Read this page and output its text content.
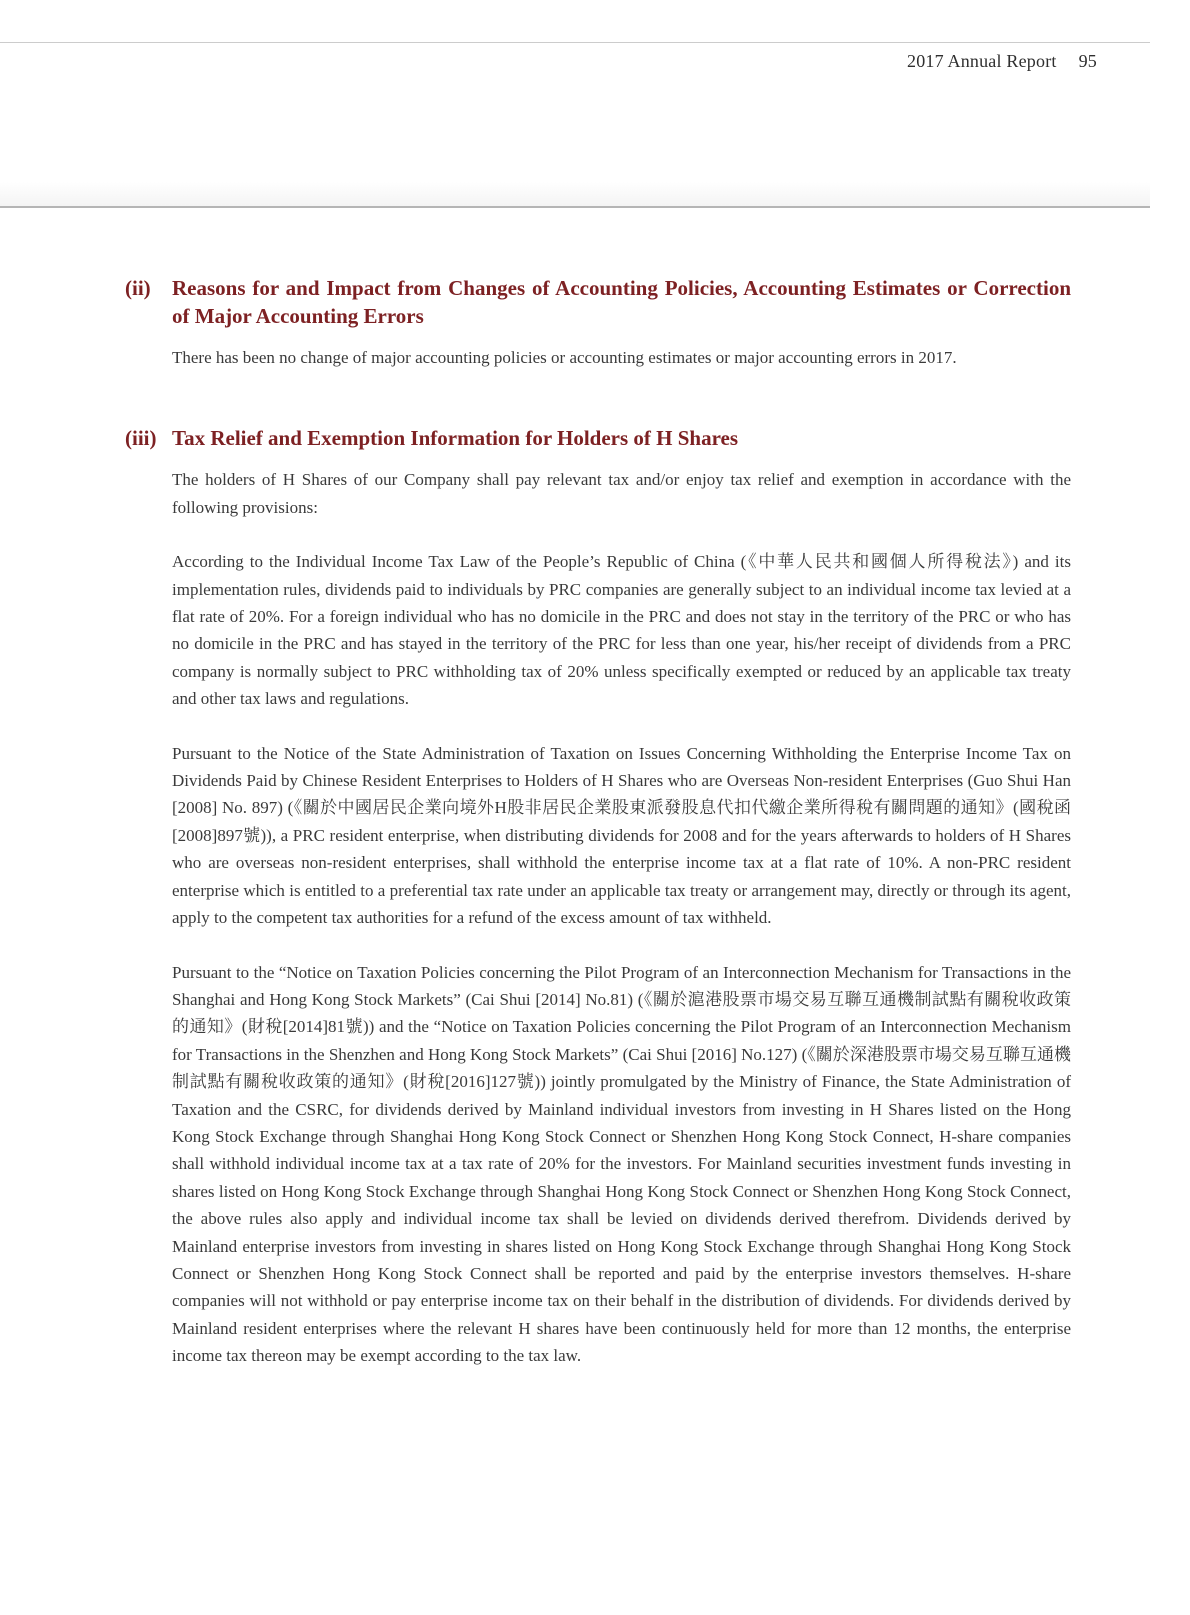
2017 Annual Report 95
(ii)	Reasons for and Impact from Changes of Accounting Policies, Accounting Estimates or Correction of Major Accounting Errors

There has been no change of major accounting policies or accounting estimates or major accounting errors in 2017.

(iii) Tax Relief and Exemption Information for Holders of H Shares

The holders of H Shares of our Company shall pay relevant tax and/or enjoy tax relief and exemption in accordance with the following provisions:

According to the Individual Income Tax Law of the People’s Republic of China (《中華人民共和國個人所得稅法》) and its implementation rules, dividends paid to individuals by PRC companies are generally subject to an individual income tax levied at a flat rate of 20%. For a foreign individual who has no domicile in the PRC and does not stay in the territory of the PRC or who has no domicile in the PRC and has stayed in the territory of the PRC for less than one year, his/her receipt of dividends from a PRC company is normally subject to PRC withholding tax of 20% unless specifically exempted or reduced by an applicable tax treaty and other tax laws and regulations.

Pursuant to the Notice of the State Administration of Taxation on Issues Concerning Withholding the Enterprise Income Tax on Dividends Paid by Chinese Resident Enterprises to Holders of H Shares who are Overseas Non-resident Enterprises (Guo Shui Han [2008] No. 897) (《關於中國居民企業向境外H股非居民企業股東派發股息代扣代繳企業所得稅有關問題的通知》(國稅函[2008]897號)), a PRC resident enterprise, when distributing dividends for 2008 and for the years afterwards to holders of H Shares who are overseas non-resident enterprises, shall withhold the enterprise income tax at a flat rate of 10%. A non-PRC resident enterprise which is entitled to a preferential tax rate under an applicable tax treaty or arrangement may, directly or through its agent, apply to the competent tax authorities for a refund of the excess amount of tax withheld.

Pursuant to the “Notice on Taxation Policies concerning the Pilot Program of an Interconnection Mechanism for Transactions in the Shanghai and Hong Kong Stock Markets” (Cai Shui [2014] No.81) (《關於滬港股票市場交易互聯互通機制試點有關稅收政策的通知》(財稅[2014]81號)) and the “Notice on Taxation Policies concerning the Pilot Program of an Interconnection Mechanism for Transactions in the Shenzhen and Hong Kong Stock Markets” (Cai Shui [2016] No.127) (《關於深港股票市場交易互聯互通機制試點有關稅收政策的通知》(財稅[2016]127號)) jointly promulgated by the Ministry of Finance, the State Administration of Taxation and the CSRC, for dividends derived by Mainland individual investors from investing in H Shares listed on the Hong Kong Stock Exchange through Shanghai Hong Kong Stock Connect or Shenzhen Hong Kong Stock Connect, H-share companies shall withhold individual income tax at a tax rate of 20% for the investors. For Mainland securities investment funds investing in shares listed on Hong Kong Stock Exchange through Shanghai Hong Kong Stock Connect or Shenzhen Hong Kong Stock Connect, the above rules also apply and individual income tax shall be levied on dividends derived therefrom. Dividends derived by Mainland enterprise investors from investing in shares listed on Hong Kong Stock Exchange through Shanghai Hong Kong Stock Connect or Shenzhen Hong Kong Stock Connect shall be reported and paid by the enterprise investors themselves. H-share companies will not withhold or pay enterprise income tax on their behalf in the distribution of dividends. For dividends derived by Mainland resident enterprises where the relevant H shares have been continuously held for more than 12 months, the enterprise income tax thereon may be exempt according to the tax law.
